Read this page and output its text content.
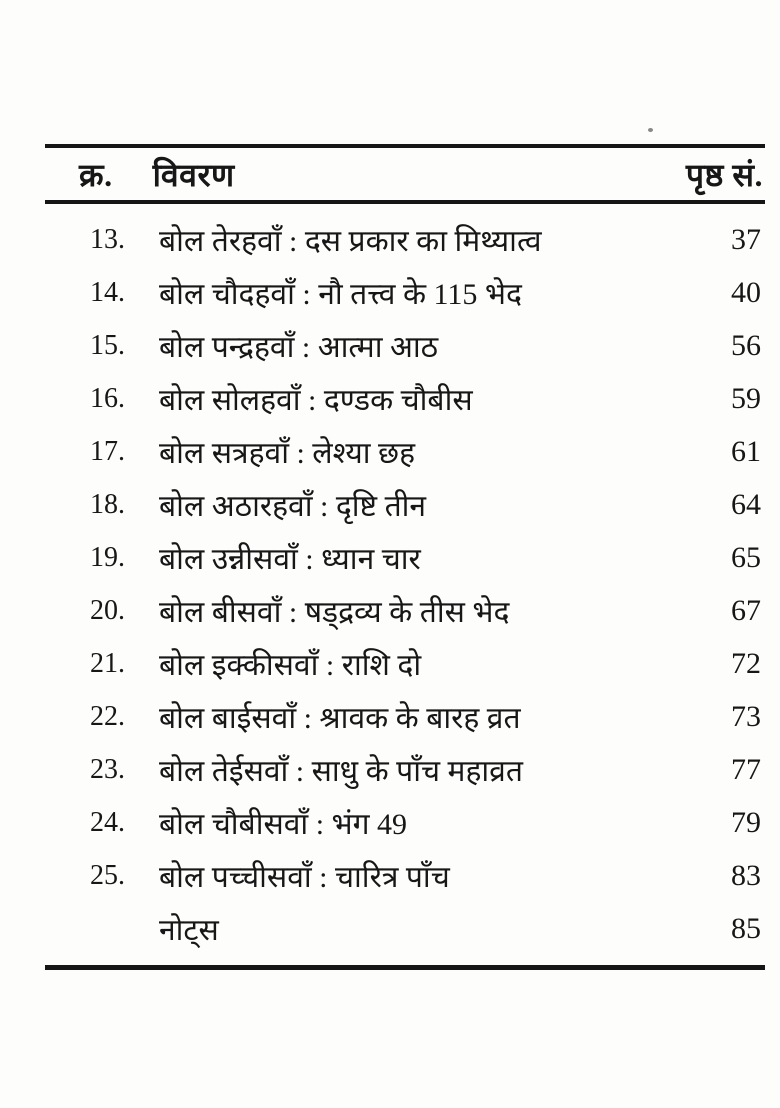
क्र. विवरण	पृष्ठ सं.
13. बोल तेरहवाँ : दस प्रकार का मिथ्यात्व	37
14. बोल चौदहवाँ : नौ तत्त्व के 115 भेद	40
15. बोल पन्द्रहवाँ : आत्मा आठ	56
16. बोल सोलहवाँ : दण्डक चौबीस	59
17. बोल सत्रहवाँ : लेश्या छह	61
18. बोल अठारहवाँ : दृष्टि तीन	64
19. बोल उन्नीसवाँ : ध्यान चार	65
20. बोल बीसवाँ : षड्द्रव्य के तीस भेद	67
21. बोल इक्कीसवाँ : राशि दो	72
22. बोल बाईसवाँ : श्रावक के बारह व्रत	73
23. बोल तेईसवाँ : साधु के पाँच महाव्रत	77
24. बोल चौबीसवाँ : भंग 49	79
25. बोल पच्चीसवाँ : चारित्र पाँच	83
नोट्स	85
